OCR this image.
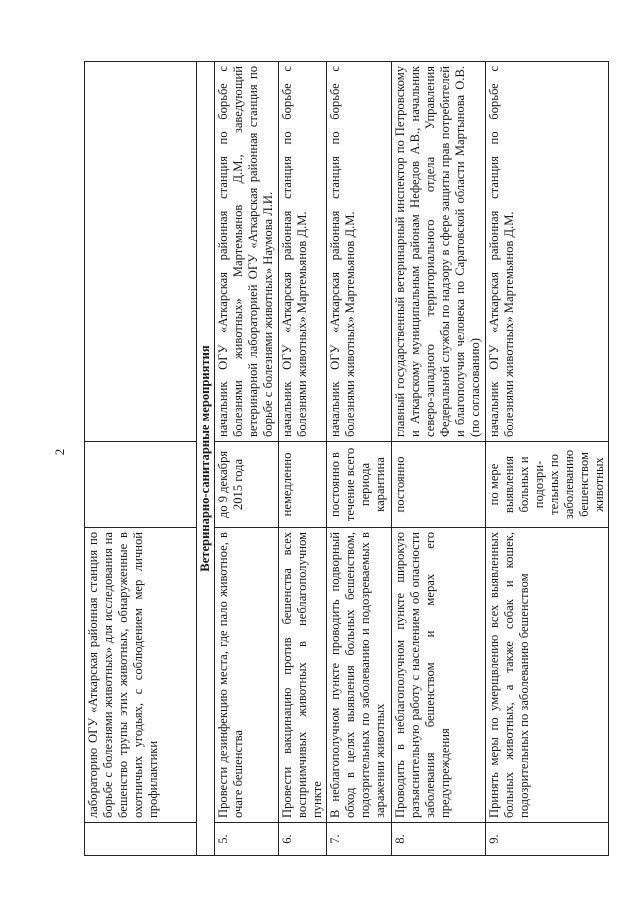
2
	лабораторию ОГУ «Аткарская районная станция по борьбе с болезнями животных» для исследования на бешенство трупы этих животных, обнаруженные в охотничьих угодьях, с соблюдением мер личной профилактики		
Ветеринарно-санитарные мероприятия			
5.	Провести дезинфекцию места, где пало животное, в очаге бешенства	до 9 декабря 2015 года	начальник ОГУ «Аткарская районная станция по борьбе с болезнями животных» Мартемьянов Д.М., заведующий ветеринарной лабораторией ОГУ «Аткарская районная станция по борьбе с болезнями животных» Наумова Л.И.
6.	Провести вакцинацию против бешенства всех восприимчивых животных в неблагополучном пункте	немедленно	начальник ОГУ «Аткарская районная станция по борьбе с болезнями животных» Мартемьянов Д.М.
7.	В неблагополучном пункте проводить подворный обход в целях выявления больных бешенством, подозрительных по заболеванию и подозреваемых в заражении животных	постоянно в течение всего периода карантина	начальник ОГУ «Аткарская районная станция по борьбе с болезнями животных» Мартемьянов Д.М.
8.	Проводить в неблагополучном пункте широкую разъяснительную работу с населением об опасности заболевания бешенством и мерах его предупреждения	постоянно	главный государственный ветеринарный инспектор по Петровскому и Аткарскому муниципальным районам Нефедов А.В., начальник северо-западного территориального отдела Управления Федеральной службы по надзору в сфере защиты прав потребителей и благополучия человека по Саратовской области Мартынова О.В. (по согласованию)
9.	Принять меры по умерщвлению всех выявленных больных животных, а также собак и кошек, подозрительных по заболеванию бешенством	по мере выявления больных и подозри-тельных по заболеванию бешенством животных	начальник ОГУ «Аткарская районная станция по борьбе с болезнями животных» Мартемьянов Д.М.
